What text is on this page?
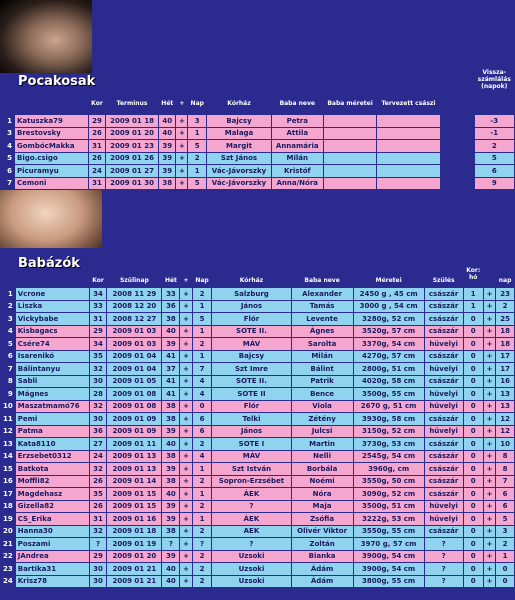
Pocakosak
Babázók
		Kor	Terminus	Hét	+	Nap	Kórház	Baba neve	Baba méretei	Tervezett császi		Vissza-
számlálás
(napok)
1	Katuszka79	29	2009 01 18	40	+	3	Bajcsy	Petra				-3
3	Brestovsky	26	2009 01 20	40	+	1	Malaga	Attila				-1
4	GombócMakka	31	2009 01 23	39	+	5	Margit	Annamária				2
5	Bigo.csigo	26	2009 01 26	39	+	2	Szt János	Milán				5
6	Picuramyu	24	2009 01 27	39	+	1	Vác-Jávorszky	Kristóf				6
7	Cemoni	31	2009 01 30	38	+	5	Vác-Jávorszky	Anna/Nóra				9
		Kor	Szülinap	Hét	+	Nap	Kórház	Baba neve	Méretei	Szülés	Kor:
hó		nap
1	Vcrone	34	2008 11 29	33	+	2	Salzburg	Alexander	2450 g , 45 cm	császár	1	+	23
2	Liszka	33	2008 12 20	36	+	1	János	Tamás	3000 g , 54 cm	császár	1	+	2
3	Vickybabe	31	2008 12 27	38	+	5	Flór	Levente	3280g, 52 cm	császár	0	+	25
4	Kisbagacs	29	2009 01 03	40	+	1	SOTE II.	Ágnes	3520g, 57 cm	császár	0	+	18
5	Csére74	34	2009 01 03	39	+	2	MÁV	Sarolta	3370g, 54 cm	hüvelyi	0	+	18
6	Isarenikó	35	2009 01 04	41	+	1	Bajcsy	Milán	4270g, 57 cm	császár	0	+	17
7	Bálintanyu	32	2009 01 04	37	+	7	Szt Imre	Bálint	2800g, 51 cm	hüvelyi	0	+	17
8	Sabli	30	2009 01 05	41	+	4	SOTE II.	Patrik	4020g, 58 cm	császár	0	+	16
9	Mágnes	28	2009 01 08	41	+	4	SOTE II	Bence	3500g, 55 cm	hüvelyi	0	+	13
10	Maszatmamó76	32	2009 01 08	38	+	0	Flór	Viola	2670 g, 51 cm	hüvelyi	0	+	13
11	Pemi	30	2009 01 09	38	+	6	Telki	Zétény	3930g, 58 cm	császár	0	+	12
12	Patma	36	2009 01 09	39	+	6	János	Julcsi	3150g, 52 cm	hüvelyi	0	+	12
13	Kata8110	27	2009 01 11	40	+	2	SOTE I	Martin	3730g, 53 cm	császár	0	+	10
14	Erzsebet0312	24	2009 01 13	38	+	4	MÁV	Nelli	2545g, 54 cm	császár	0	+	8
15	Batkota	32	2009 01 13	39	+	1	Szt István	Borbála	3960g, cm	császár	0	+	8
16	Moffli82	26	2009 01 14	38	+	2	Sopron-Erzsébet	Noémi	3550g, 50 cm	császár	0	+	7
17	Magdehasz	35	2009 01 15	40	+	1	ÁEK	Nóra	3090g, 52 cm	császár	0	+	6
18	Gizella82	26	2009 01 15	39	+	2	?	Maja	3500g, 51 cm	hüvelyi	0	+	6
19	CS_Erika	31	2009 01 16	39	+	1	ÁEK	Zsófia	3222g, 53 cm	hüvelyi	0	+	5
20	Hanna30	32	2009 01 18	38	+	2	AEK	Olivér Viktor	3550g, 55 cm	császár	0	+	3
21	Poszami	?	2009 01 19	?	+	?	?	Zoltán	3970 g, 57 cm	?	0	+	2
22	JAndrea	29	2009 01 20	39	+	2	Uzsoki	Bianka	3900g, 54 cm	?	0	+	1
23	Bartika31	30	2009 01 21	40	+	2	Uzsoki	Ádám	3900g, 54 cm	?	0	+	0
24	Krisz78	30	2009 01 21	40	+	2	Uzsoki	Ádám	3800g, 55 cm	?	0	+	0
